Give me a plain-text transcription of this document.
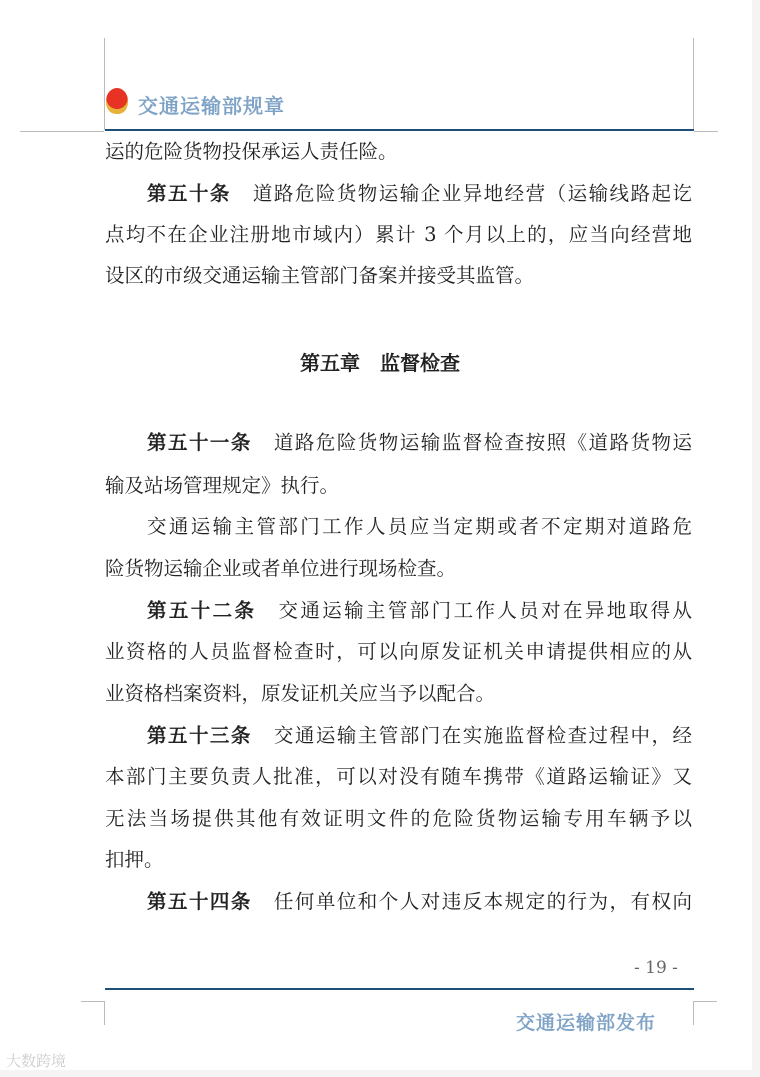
交通运输部规章
运的危险货物投保承运人责任险。
第五十条 道路危险货物运输企业异地经营（运输线路起讫
点均不在企业注册地市域内）累计 3 个月以上的，应当向经营地
设区的市级交通运输主管部门备案并接受其监管。
第五十一条 道路危险货物运输监督检查按照《道路货物运
输及站场管理规定》执行。
交通运输主管部门工作人员应当定期或者不定期对道路危
险货物运输企业或者单位进行现场检查。
第五十二条 交通运输主管部门工作人员对在异地取得从
业资格的人员监督检查时，可以向原发证机关申请提供相应的从
业资格档案资料，原发证机关应当予以配合。
第五十三条 交通运输主管部门在实施监督检查过程中，经
本部门主要负责人批准，可以对没有随车携带《道路运输证》又
无法当场提供其他有效证明文件的危险货物运输专用车辆予以
扣押。
第五十四条 任何单位和个人对违反本规定的行为，有权向
第五章　监督检查
- 19 -
交通运输部发布
大数跨境
